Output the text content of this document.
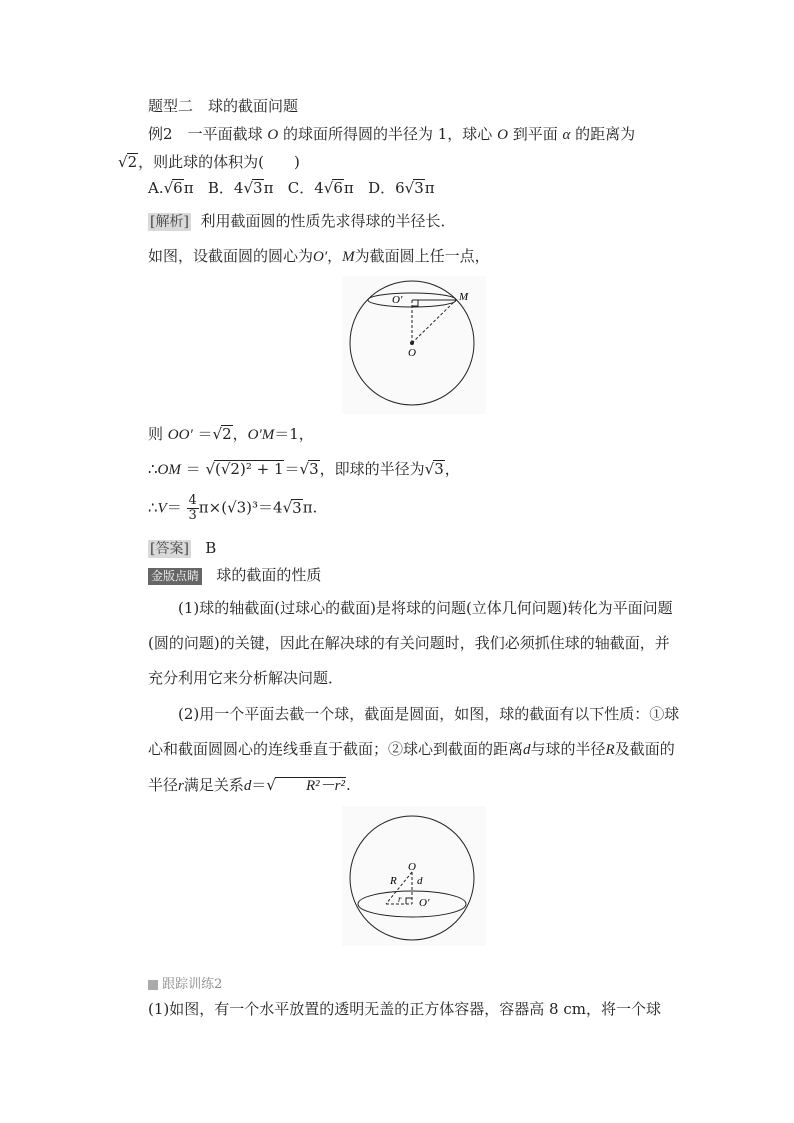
题型二　球的截面问题
例2　 一平面截球 O 的球面所得圆的半径为 1，球心 O 到平面 α 的距离为
√2，则此球的体积为(　　)
A.√6π B．4√3π C．4√6π D．6√3π
[解析] 利用截面圆的性质先求得球的半径长．
如图，设截面圆的圆心为O′，M为截面圆上任一点，
O′	M
O
则 OO′ ＝√2，O′M＝1，
∴OM ＝ √(√2)² + 1＝√3，即球的半径为√3，
∴V＝ $\frac{4}{3} \pi\times(√3)^3=4√3\pi$.
[答案] B
金版点睛 球的截面的性质
(1)球的轴截面(过球心的截面)是将球的问题(立体几何问题)转化为平面问题(圆的问题)的关键，因此在解决球的有关问题时，我们必须抓住球的轴截面，并充分利用它来分析解决问题．
(2)用一个平面去截一个球，截面是圆面，如图，球的截面有以下性质：①球心和截面圆圆心的连线垂直于截面；②球心到截面的距离d与球的半径R及截面的半径r满足关系d＝√ R²－r².
O
R d
r O′
跟踪训练2
(1)如图，有一个水平放置的透明无盖的正方体容器，容器高 8 cm，将一个球
